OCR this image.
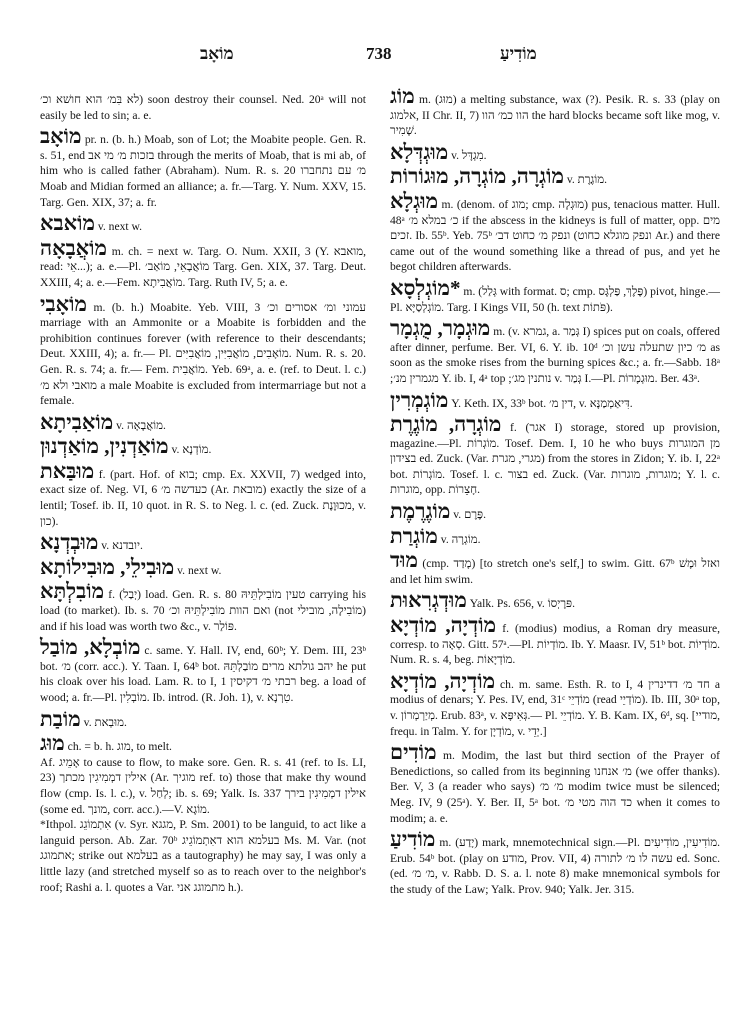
מוֹאָב	738	מוֹדִיעַ
לא בִּמ׳ הוא חושׁא וכ׳) soon destroy their counsel. Ned. 20ᵃ will not easily be led to sin; a. e.
מוֹאָב pr. n. (b. h.) Moab, son of Lot; the Moabite people. Gen. R. s. 51, end בזכות מ׳ מי אב through the merits of Moab, that is mi ab, of him who is called father (Abraham). Num. R. s. 20 מ׳ עם נתחברו Moab and Midian formed an alliance; a. fr.—Targ. Y. Num. XXV, 15. Targ. Gen. XIX, 37; a. fr.
מוֹאבא v. next w.
מוֹאֲבָאָה m. ch. = next w. Targ. O. Num. XXII, 3 (Y. מואבא, read: אֵי...); a. e.—Pl. מוֹאֲבָאֵי, מוֹאַב׳ Targ. Gen. XIX, 37. Targ. Deut. XXIII, 4; a. e.—Fem. מוֹאֲבִיתָא. Targ. Ruth IV, 5; a. e.
מוֹאָבִי m. (b. h.) Moabite. Yeb. VIII, 3 עמוני ומ׳ אסורים וכ׳ marriage with an Ammonite or a Moabite is forbidden and the prohibition continues forever (with reference to their descendants; Deut. XXIII, 4); a. fr.— Pl. מוֹאָבִים, מוֹאֲבִיִּין, מוֹאֲבִיִּים. Num. R. s. 20. Gen. R. s. 74; a. fr.— Fem. מוֹאֲבִית. Yeb. 69ᵃ, a. e. (ref. to Deut. l. c.) מואבי ולא מ׳ a male Moabite is excluded from intermarriage but not a female.
מוֹאַבִיתָא v. מוֹאֲבָאָה.
מוֹאַדְנִין, מוֹאַדְנוּן v. מוֹדְנָא.
מוּבַּאת f. (part. Hof. of בוא; cmp. Ex. XXVII, 7) wedged into, exact size of. Neg. VI, 6 כעדשה מ׳ (Ar. מובאת) exactly the size of a lentil; Tosef. ib. II, 10 quot. in R. S. to Neg. l. c. (ed. Zuck. מכוּוֶנֶת, v. כון).
מוּבְדְנָא v. יובדנא.
מוּבִילֵי, מוּבִילוֹתָא v. next w.
מוֹבִלְתָּא f. (יְבַל) load. Gen. R. s. 80 טעין מוֹבִילְתֵּיהּ carrying his load (to market). Ib. s. 70 ואם הוות מוֹבִילְתֵּיהּ וכ׳ (not מוֹבִילָה, מובילי) and if his load was worth two &c., v. פּוֹלַר.
מוֹבְלָא, מוֹבַל c. same. Y. Hall. IV, end, 60ᵇ; Y. Dem. III, 23ᵇ bot. מ׳ (corr. acc.). Y. Taan. I, 64ᵇ bot. יהב גולתא מרים מוֹבַלְתֵּהּ he put his cloak over his load. Lam. R. to I, 1 רבתי מ׳ דקיסין beg. a load of wood; a. fr.—Pl. מוֹבְלִין. Ib. introd. (R. Joh. 1), v. טִרְנָא.
מוֹבַת v. מוּבְאת.
מוּג ch. = b. h. מוג, to melt.
Af. אָמֵיג to cause to flow, to make sore. Gen. R. s. 41 (ref. to Is. LI, 23) אילין דמְמִיגִין מכתך (Ar. מוגיך ref. to) those that make thy wound flow (cmp. Is. l. c.), v. לְחַל; ib. s. 69; Yalk. Is. 337 אילין דמְמִיגִין בירך (some ed. מונך, corr. acc.).—V. מוֹגָא.
*Ithpol. אִתְמוֹגֵג (v. Syr. מגגא, P. Sm. 2001) to be languid, to act like a languid person. Ab. Zar. 70ᵇ בעלמא הוא דאִתְמוֹגֵיג Ms. M. Var. (not אתמוגג; strike out בעלמא as a tautography) he may say, I was only a little lazy (and stretched myself so as to reach over to the neighbor's roof; Rashi a. l. quotes a Var. מתמוגג אני h.).
מוֹג m. (מוּג) a melting substance, wax (?). Pesik. R. s. 33 (play on אלמוג, II Chr. II, 7) הוו כמ׳ הוו the hard blocks became soft like mog, v. שָׁמִיר.
מוּגְדְּלָא v. מִגְדָּל.
מוֹגְרָה, מוֹגְרָה, מוּגוֹרוֹת v. מוֹגֶרֶת.
מוּגְלָא m. (denom. of מוג; cmp. מוּגְלָה) pus, tenacious matter. Hull. 48ᵃ כ׳ במלא מ׳ if the abscess in the kidneys is full of matter, opp. מים זכים. Ib. 55ᵇ. Yeb. 75ᵇ ונפק מ׳ כחוט דב׳ (ונפק מוגלא כחוט Ar.) and there came out of the wound something like a thread of pus, and yet he begot children afterwards.
*מוֹגְלְסָא m. (גְּלַל with format. ס; cmp. פֶּלֶךְ, פַּלְגָּס) pivot, hinge.—Pl. מוֹגְלְסַיָּא. Targ. I Kings VII, 50 (h. text פֹּתוֹת).
מוּגְמָר, מֻגְמָר m. (v. גמרא, a. גְּמַר I) spices put on coals, offered after dinner, perfume. Ber. VI, 6. Y. ib. 10ᵈ מ׳ כיון שתעלה עשן וכ׳ as soon as the smoke rises from the burning spices &c.; a. fr.—Sabb. 18ᵃ ;מגמרין מנ׳ Y. ib. I, 4ᵃ top ;נותנין מג׳ v. גְּמַר I.—Pl. מוּגְמָרוֹת. Ber. 43ᵃ.
מוֹגְמְרִין Y. Keth. IX, 33ᵇ bot. דין מ׳, v. דִּיאַמְמַנָּא.
מוֹגְרָה, מוֹגֶרֶת f. (אגר I) storage, stored up provision, magazine.—Pl. מוֹגְרוֹת. Tosef. Dem. I, 10 he who buys מן המוגרות בצידון ed. Zuck. (Var. מגרי, מגרת) from the stores in Zidon; Y. ib. I, 22ᵃ bot. מוֹגְרוֹת. Tosef. l. c. בצור ed. Zuck. (Var. מוגרות, מוגרות; Y. l. c. מוגרות, opp. חָצֵרוֹת.
מוֹגֶרֶמֶת v. פֶּרֶם.
מוֹגְרַת v. מוֹגְרָה.
מוּד (cmp. מָדַד) [to stretch one's self,] to swim. Gitt. 67ᵇ ואזל וּמָשׁ and let him swim.
מוּדְגְרִאוּת Yalk. Ps. 656, v. פּרָיְסוֹ.
מוֹדְיָה, מוֹדְיָא f. (modius) modius, a Roman dry measure, corresp. to סְאָה. Gitt. 57ᵃ.—Pl. מוֹדְיוֹת. Ib. Y. Maasr. IV, 51ᵇ bot. מוֹדְיוֹת. Num. R. s. 4, beg. מוֹדְיָאוֹת.
מוֹדְיָה, מוֹדְיָא ch. m. same. Esth. R. to I, 4 חד מ׳ דדינרין a modius of denars; Y. Pes. IV, end, 31ᶜ מוֹדְיֵי (read מוֹדְיֵי). Ib. III, 30ᵃ top, v. מְיַרְמְרוֹן. Erub. 83ᵃ, v. גְּאִיפָּא.— Pl. מוֹדְיֵי. Y. B. Kam. IX, 6ᵈ, sq. [מודיי, frequ. in Talm. Y. for מוֹדְיָן, v. יְדֵי.]
מוֹדִים m. Modim, the last but third section of the Prayer of Benedictions, so called from its beginning מ׳ אנחנו (we offer thanks). Ber. V, 3 (a reader who says) מ׳ מ׳ modim twice must be silenced; Meg. IV, 9 (25ᵃ). Y. Ber. II, 5ᵃ bot. כד הוה מטי מ׳ when it comes to modim; a. e.
מוֹדִיעַ m. (יָדַע) mark, mnemotechnical sign.—Pl. מוֹדִיעִין, מוֹדִיעִים. Erub. 54ᵇ bot. (play on מודע, Prov. VII, 4) עשה לו מ׳ לתורה ed. Sonc. (ed. מ׳ מ׳, v. Rabb. D. S. a. l. note 8) make mnemonical symbols for the study of the Law; Yalk. Prov. 940; Yalk. Jer. 315.
